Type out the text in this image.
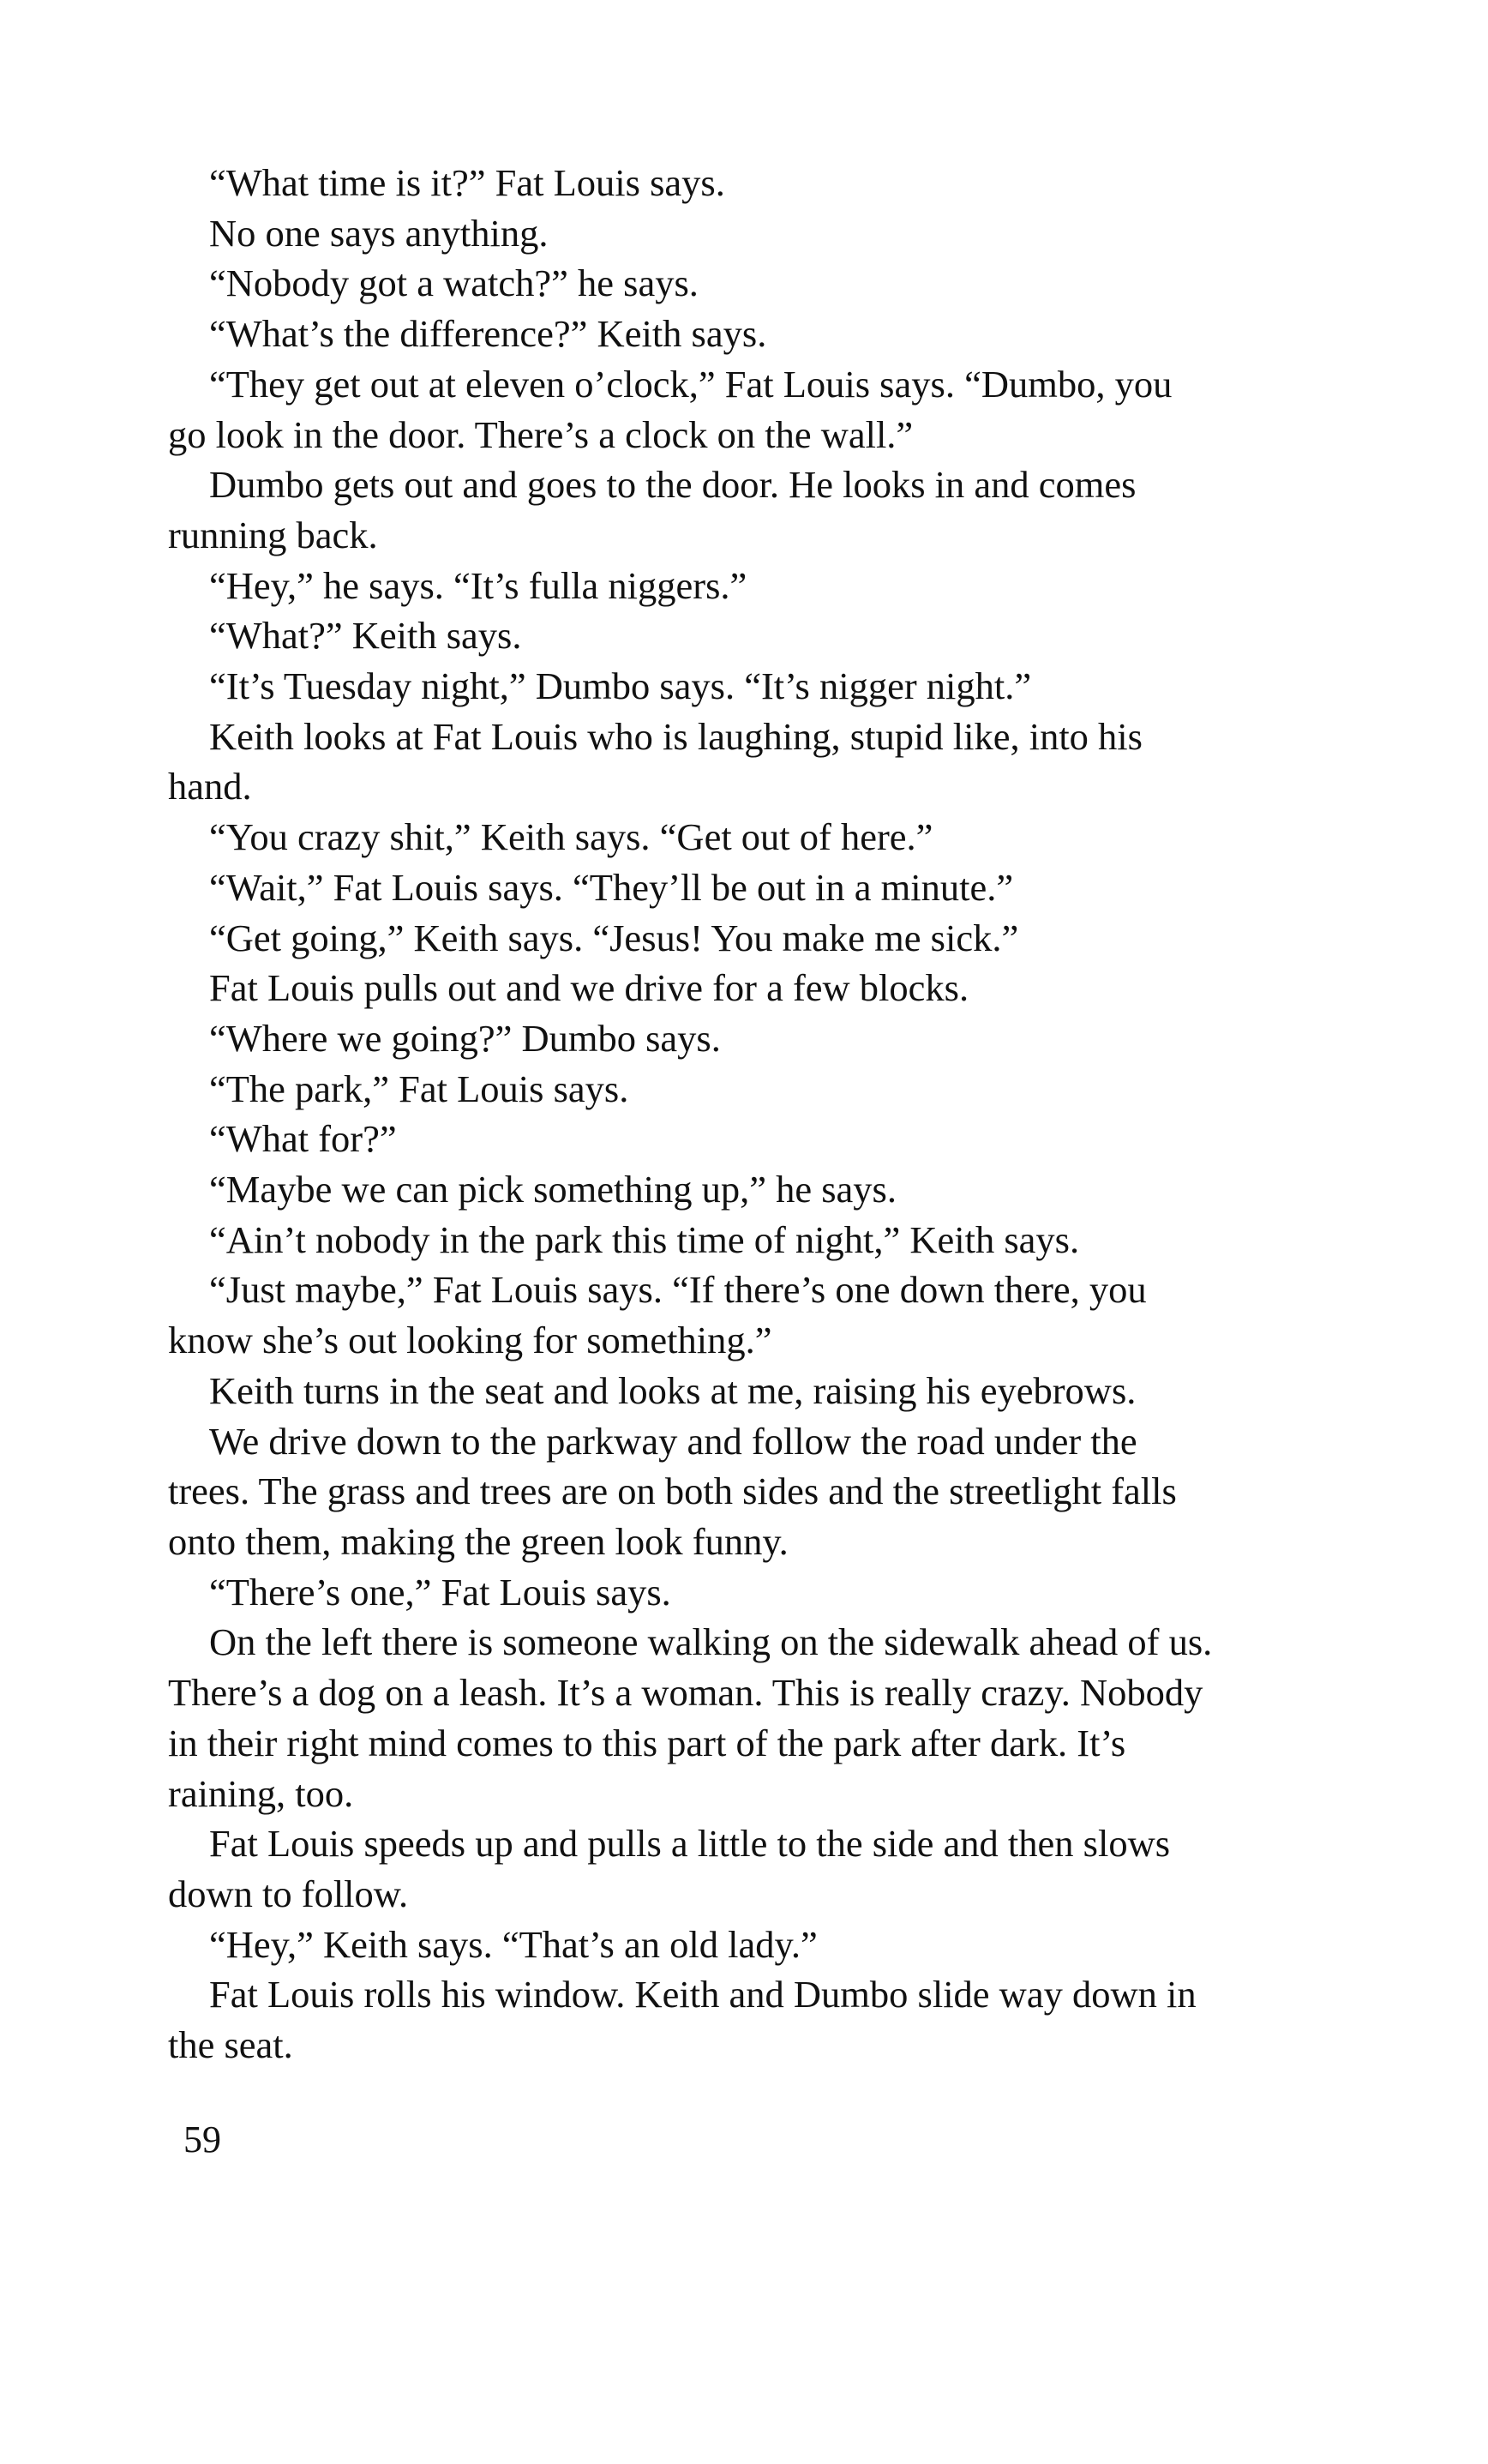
“What time is it?” Fat Louis says.

No one says anything.

“Nobody got a watch?” he says.

“What’s the difference?” Keith says.

“They get out at eleven o’clock,” Fat Louis says. “Dumbo, you
go look in the door. There’s a clock on the wall.”

Dumbo gets out and goes to the door. He looks in and comes
running back.

“Hey,” he says. “It’s fulla niggers.”

“What?” Keith says.

“It’s Tuesday night,” Dumbo says. “It’s nigger night.”

Keith looks at Fat Louis who is laughing, stupid like, into his
hand.

“You crazy shit,” Keith says. “Get out of here.”

“Wait,” Fat Louis says. “They’ll be out in a minute.”

“Get going,” Keith says. “Jesus! You make me sick.”

Fat Louis pulls out and we drive for a few blocks.

“Where we going?” Dumbo says.

“The park,” Fat Louis says.

“What for?”

“Maybe we can pick something up,” he says.

“Ain’t nobody in the park this time of night,” Keith says.

“Just maybe,” Fat Louis says. “If there’s one down there, you
know she’s out looking for something.”

Keith turns in the seat and looks at me, raising his eyebrows.

We drive down to the parkway and follow the road under the
trees. The grass and trees are on both sides and the streetlight falls
onto them, making the green look funny.

“There’s one,” Fat Louis says.

On the left there is someone walking on the sidewalk ahead of us.
There’s a dog on a leash. It’s a woman. This is really crazy. Nobody
in their right mind comes to this part of the park after dark. It’s
raining, too.

Fat Louis speeds up and pulls a little to the side and then slows
down to follow.

“Hey,” Keith says. “That’s an old lady.”

Fat Louis rolls his window. Keith and Dumbo slide way down in
the seat.

59
